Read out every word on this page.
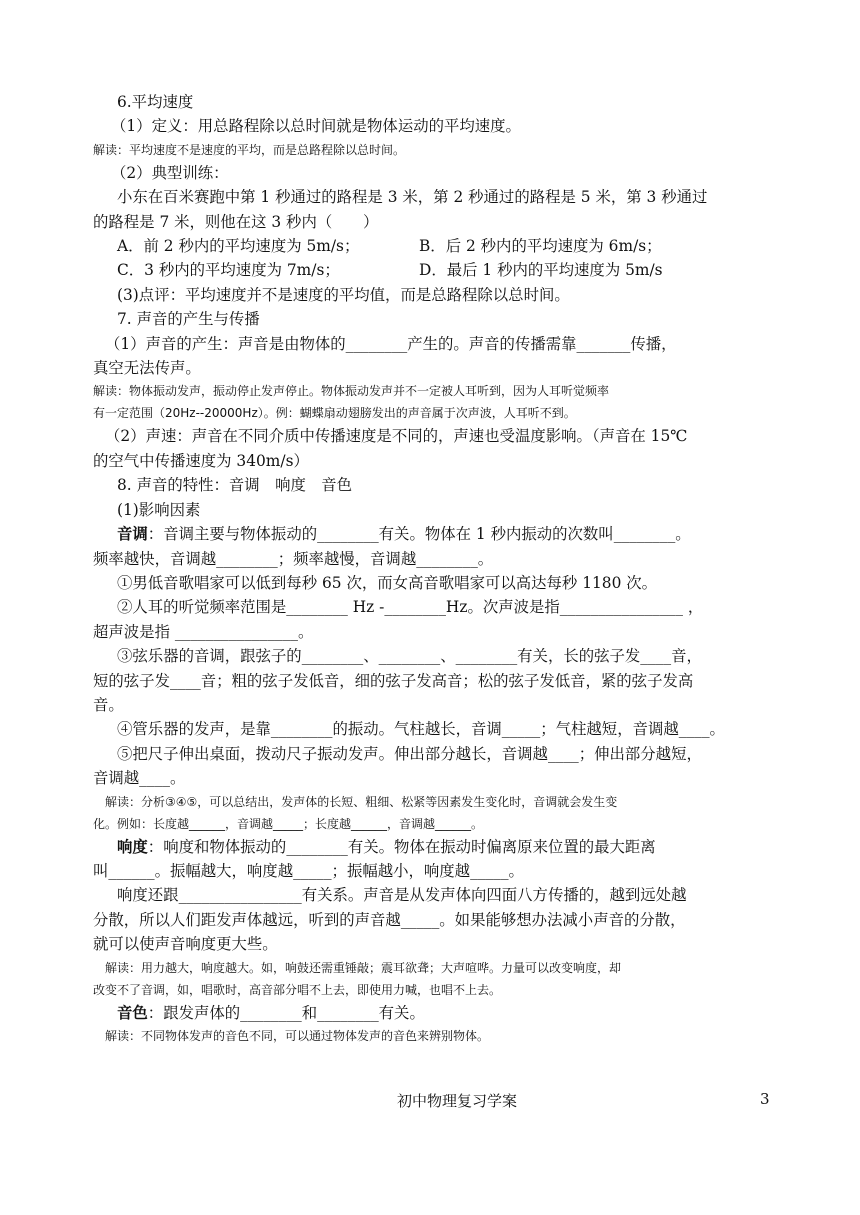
6.平均速度
（1）定义：用总路程除以总时间就是物体运动的平均速度。
解读：平均速度不是速度的平均，而是总路程除以总时间。
（2）典型训练：
小东在百米赛跑中第 1 秒通过的路程是 3 米，第 2 秒通过的路程是 5 米，第 3 秒通过
的路程是 7 米，则他在这 3 秒内（　　）
A．前 2 秒内的平均速度为 5m/s；	B．后 2 秒内的平均速度为 6m/s；
C．3 秒内的平均速度为 7m/s；	D．最后 1 秒内的平均速度为 5m/s
(3)点评：平均速度并不是速度的平均值，而是总路程除以总时间。
7. 声音的产生与传播
（1）声音的产生：声音是由物体的________产生的。声音的传播需靠_______传播，
真空无法传声。
解读：物体振动发声，振动停止发声停止。物体振动发声并不一定被人耳听到，因为人耳听觉频率
有一定范围（20Hz--20000Hz）。例：蝴蝶扇动翅膀发出的声音属于次声波，人耳听不到。
（2）声速：声音在不同介质中传播速度是不同的，声速也受温度影响。（声音在 15℃
的空气中传播速度为 340m/s）
8. 声音的特性：音调　响度　音色
(1)影响因素
音调：音调主要与物体振动的________有关。物体在 1 秒内振动的次数叫________。
频率越快，音调越________；频率越慢，音调越________。
①男低音歌唱家可以低到每秒 65 次，而女高音歌唱家可以高达每秒 1180 次。
②人耳的听觉频率范围是________ Hz -________Hz。次声波是指________________ ，
超声波是指 ________________。
③弦乐器的音调，跟弦子的________、________、________有关，长的弦子发____音，
短的弦子发____音；粗的弦子发低音，细的弦子发高音；松的弦子发低音，紧的弦子发高
音。
④管乐器的发声，是靠________的振动。气柱越长，音调_____；气柱越短，音调越____。
⑤把尺子伸出桌面，拨动尺子振动发声。伸出部分越长，音调越____；伸出部分越短，
音调越____。
解读：分析③④⑤，可以总结出，发声体的长短、粗细、松紧等因素发生变化时，音调就会发生变
化。例如：长度越______，音调越_____；长度越______，音调越______。
响度：响度和物体振动的________有关。物体在振动时偏离原来位置的最大距离
叫______。振幅越大，响度越_____；振幅越小，响度越_____。
响度还跟________________有关系。声音是从发声体向四面八方传播的，越到远处越
分散，所以人们距发声体越远，听到的声音越_____。如果能够想办法减小声音的分散，
就可以使声音响度更大些。
解读：用力越大，响度越大。如，响鼓还需重锤敲；震耳欲聋；大声喧哗。力量可以改变响度，却
改变不了音调，如，唱歌时，高音部分唱不上去，即使用力喊，也唱不上去。
音色：跟发声体的________和________有关。
解读：不同物体发声的音色不同，可以通过物体发声的音色来辨别物体。
初中物理复习学案	3
